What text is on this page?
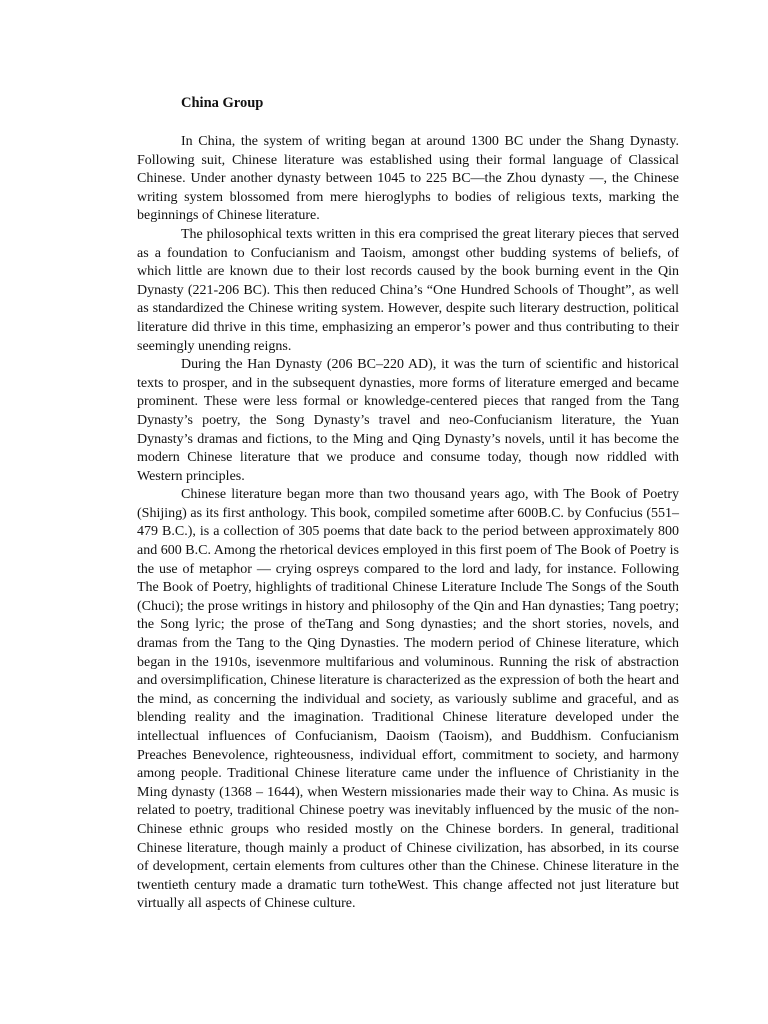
China Group

In China, the system of writing began at around 1300 BC under the Shang Dynasty. Following suit, Chinese literature was established using their formal language of Classical Chinese. Under another dynasty between 1045 to 225 BC—the Zhou dynasty —, the Chinese writing system blossomed from mere hieroglyphs to bodies of religious texts, marking the beginnings of Chinese literature.

The philosophical texts written in this era comprised the great literary pieces that served as a foundation to Confucianism and Taoism, amongst other budding systems of beliefs, of which little are known due to their lost records caused by the book burning event in the Qin Dynasty (221-206 BC). This then reduced China’s “One Hundred Schools of Thought”, as well as standardized the Chinese writing system. However, despite such literary destruction, political literature did thrive in this time, emphasizing an emperor’s power and thus contributing to their seemingly unending reigns.

During the Han Dynasty (206 BC–220 AD), it was the turn of scientific and historical texts to prosper, and in the subsequent dynasties, more forms of literature emerged and became prominent. These were less formal or knowledge-centered pieces that ranged from the Tang Dynasty’s poetry, the Song Dynasty’s travel and neo-Confucianism literature, the Yuan Dynasty’s dramas and fictions, to the Ming and Qing Dynasty’s novels, until it has become the modern Chinese literature that we produce and consume today, though now riddled with Western principles.

Chinese literature began more than two thousand years ago, with The Book of Poetry (Shijing) as its first anthology. This book, compiled sometime after 600B.C. by Confucius (551–479 B.C.), is a collection of 305 poems that date back to the period between approximately 800 and 600 B.C. Among the rhetorical devices employed in this first poem of The Book of Poetry is the use of metaphor — crying ospreys compared to the lord and lady, for instance. Following The Book of Poetry, highlights of traditional Chinese Literature Include The Songs of the South (Chuci); the prose writings in history and philosophy of the Qin and Han dynasties; Tang poetry; the Song lyric; the prose of theTang and Song dynasties; and the short stories, novels, and dramas from the Tang to the Qing Dynasties. The modern period of Chinese literature, which began in the 1910s, isevenmore multifarious and voluminous. Running the risk of abstraction and oversimplification, Chinese literature is characterized as the expression of both the heart and the mind, as concerning the individual and society, as variously sublime and graceful, and as blending reality and the imagination. Traditional Chinese literature developed under the intellectual influences of Confucianism, Daoism (Taoism), and Buddhism. Confucianism Preaches Benevolence, righteousness, individual effort, commitment to society, and harmony among people. Traditional Chinese literature came under the influence of Christianity in the Ming dynasty (1368 – 1644), when Western missionaries made their way to China. As music is related to poetry, traditional Chinese poetry was inevitably influenced by the music of the non-Chinese ethnic groups who resided mostly on the Chinese borders. In general, traditional Chinese literature, though mainly a product of Chinese civilization, has absorbed, in its course of development, certain elements from cultures other than the Chinese. Chinese literature in the twentieth century made a dramatic turn totheWest. This change affected not just literature but virtually all aspects of Chinese culture.
